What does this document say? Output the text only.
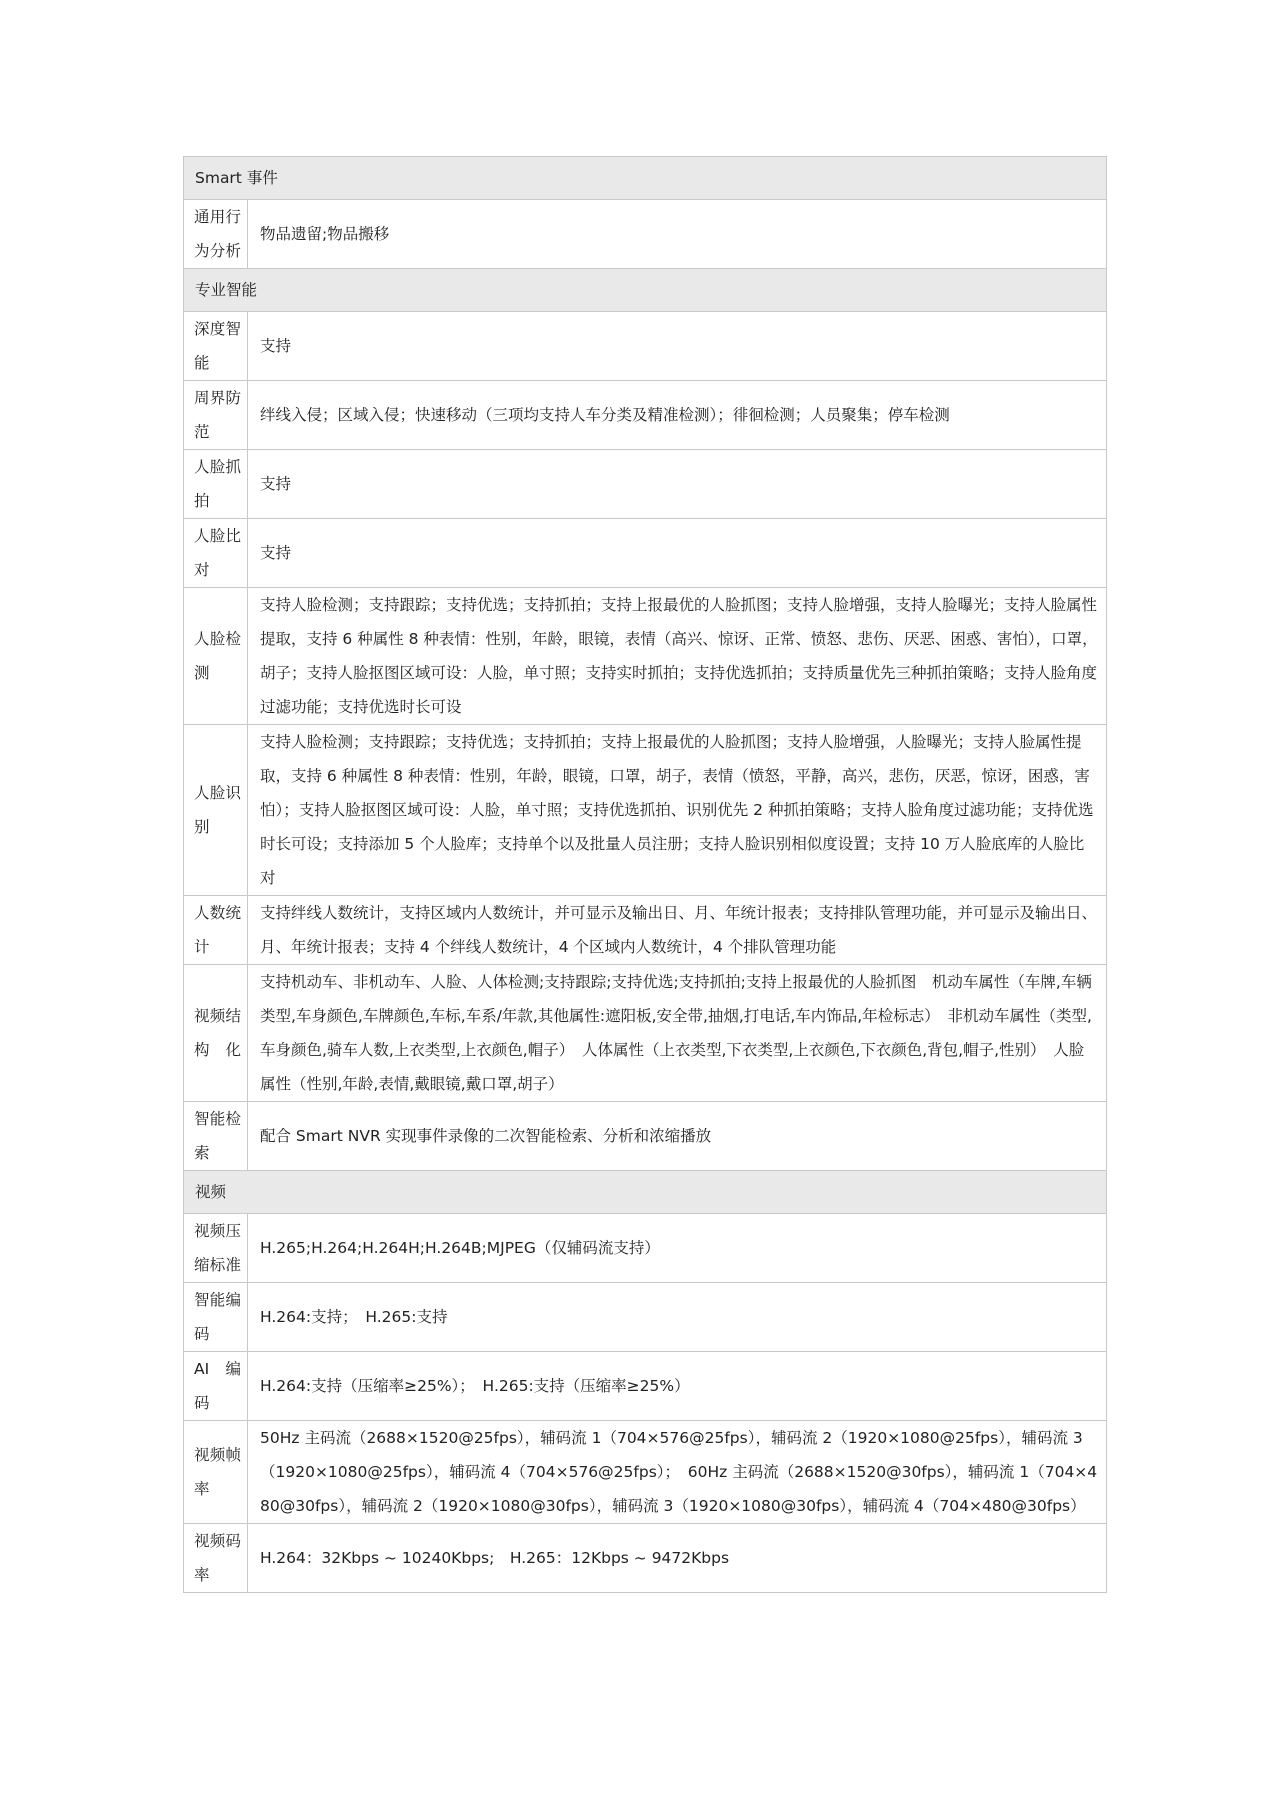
Smart 事件	
通用行为分析	物品遗留;物品搬移
专业智能	
深度智能	支持
周界防范	绊线入侵；区域入侵；快速移动（三项均支持人车分类及精准检测）；徘徊检测；人员聚集；停车检测
人脸抓拍	支持
人脸比对	支持
人脸检测	支持人脸检测；支持跟踪；支持优选；支持抓拍；支持上报最优的人脸抓图；支持人脸增强，支持人脸曝光；支持人脸属性提取，支持 6 种属性 8 种表情：性别，年龄，眼镜，表情（高兴、惊讶、正常、愤怒、悲伤、厌恶、困惑、害怕），口罩，胡子；支持人脸抠图区域可设：人脸，单寸照；支持实时抓拍；支持优选抓拍；支持质量优先三种抓拍策略；支持人脸角度过滤功能；支持优选时长可设
人脸识别	支持人脸检测；支持跟踪；支持优选；支持抓拍；支持上报最优的人脸抓图；支持人脸增强，人脸曝光；支持人脸属性提取，支持 6 种属性 8 种表情：性别，年龄，眼镜，口罩，胡子，表情（愤怒，平静，高兴，悲伤，厌恶，惊讶，困惑，害怕）；支持人脸抠图区域可设：人脸，单寸照；支持优选抓拍、识别优先 2 种抓拍策略；支持人脸角度过滤功能；支持优选时长可设；支持添加 5 个人脸库；支持单个以及批量人员注册；支持人脸识别相似度设置；支持 10 万人脸底库的人脸比对
人数统计	支持绊线人数统计，支持区域内人数统计，并可显示及输出日、月、年统计报表；支持排队管理功能，并可显示及输出日、月、年统计报表；支持 4 个绊线人数统计，4 个区域内人数统计，4 个排队管理功能
视频结构化	支持机动车、非机动车、人脸、人体检测;支持跟踪;支持优选;支持抓拍;支持上报最优的人脸抓图　机动车属性（车牌,车辆类型,车身颜色,车牌颜色,车标,车系/年款,其他属性:遮阳板,安全带,抽烟,打电话,车内饰品,年检标志）　非机动车属性（类型,车身颜色,骑车人数,上衣类型,上衣颜色,帽子）　人体属性（上衣类型,下衣类型,上衣颜色,下衣颜色,背包,帽子,性别）　人脸属性（性别,年龄,表情,戴眼镜,戴口罩,胡子）
智能检索	配合 Smart NVR 实现事件录像的二次智能检索、分析和浓缩播放
视频	
视频压缩标准	H.265;H.264;H.264H;H.264B;MJPEG（仅辅码流支持）
智能编码	H.264:支持；　H.265:支持
AI 编码	H.264:支持（压缩率≥25%）；　H.265:支持（压缩率≥25%）
视频帧率	50Hz 主码流（2688×1520@25fps），辅码流 1（704×576@25fps），辅码流 2（1920×1080@25fps），辅码流 3（1920×1080@25fps），辅码流 4（704×576@25fps）；　60Hz 主码流（2688×1520@30fps），辅码流 1（704×480@30fps），辅码流 2（1920×1080@30fps），辅码流 3（1920×1080@30fps），辅码流 4（704×480@30fps）
视频码率	H.264：32Kbps ~ 10240Kbps;　H.265：12Kbps ~ 9472Kbps
